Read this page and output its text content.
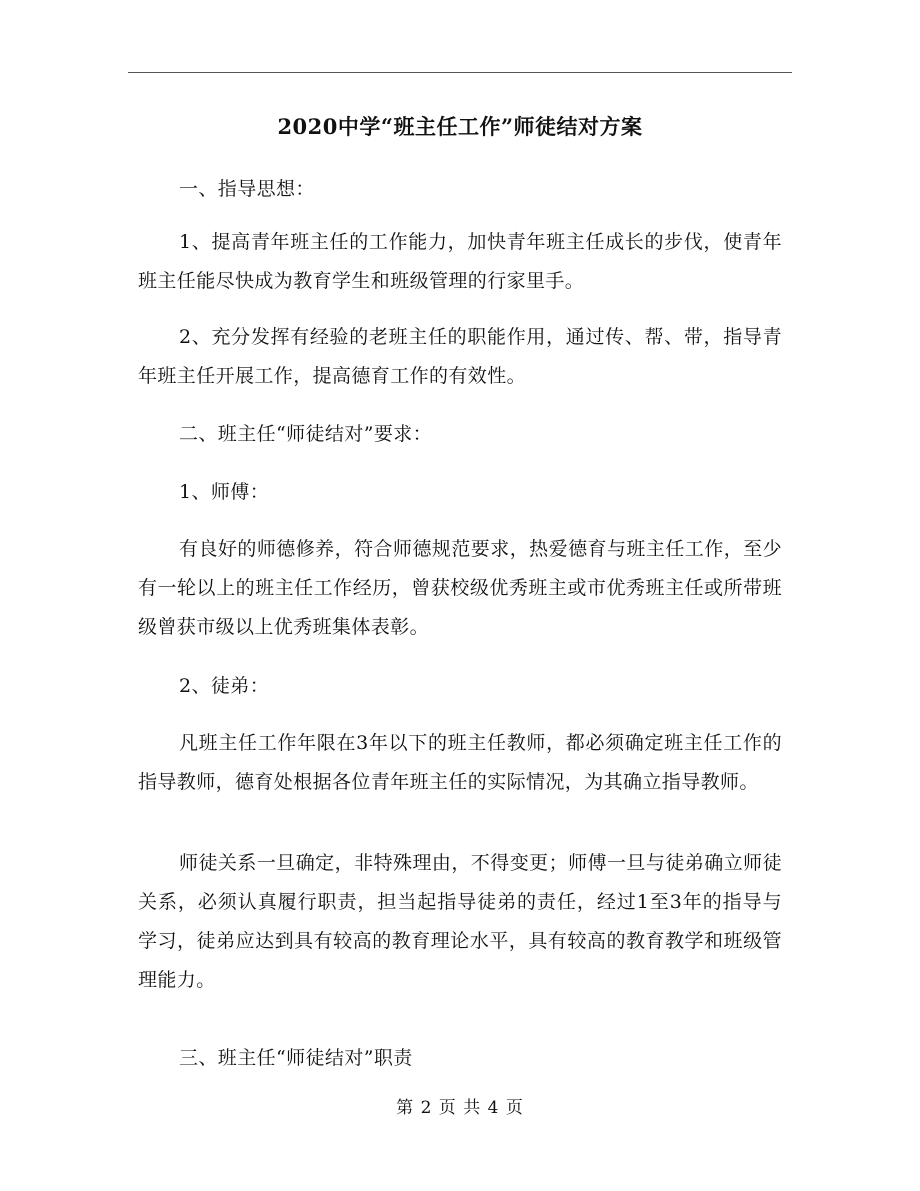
2020中学“班主任工作”师徒结对方案

一、指导思想：

1、提高青年班主任的工作能力，加快青年班主任成长的步伐，使青年班主任能尽快成为教育学生和班级管理的行家里手。

2、充分发挥有经验的老班主任的职能作用，通过传、帮、带，指导青年班主任开展工作，提高德育工作的有效性。

二、班主任“师徒结对”要求：

1、师傅：

有良好的师德修养，符合师德规范要求，热爱德育与班主任工作，至少有一轮以上的班主任工作经历，曾获校级优秀班主或市优秀班主任或所带班级曾获市级以上优秀班集体表彰。

2、徒弟：

凡班主任工作年限在3年以下的班主任教师，都必须确定班主任工作的指导教师，德育处根据各位青年班主任的实际情况，为其确立指导教师。

师徒关系一旦确定，非特殊理由，不得变更；师傅一旦与徒弟确立师徒关系，必须认真履行职责，担当起指导徒弟的责任，经过1至3年的指导与学习，徒弟应达到具有较高的教育理论水平，具有较高的教育教学和班级管理能力。

三、班主任“师徒结对”职责

第 2 页 共 4 页
